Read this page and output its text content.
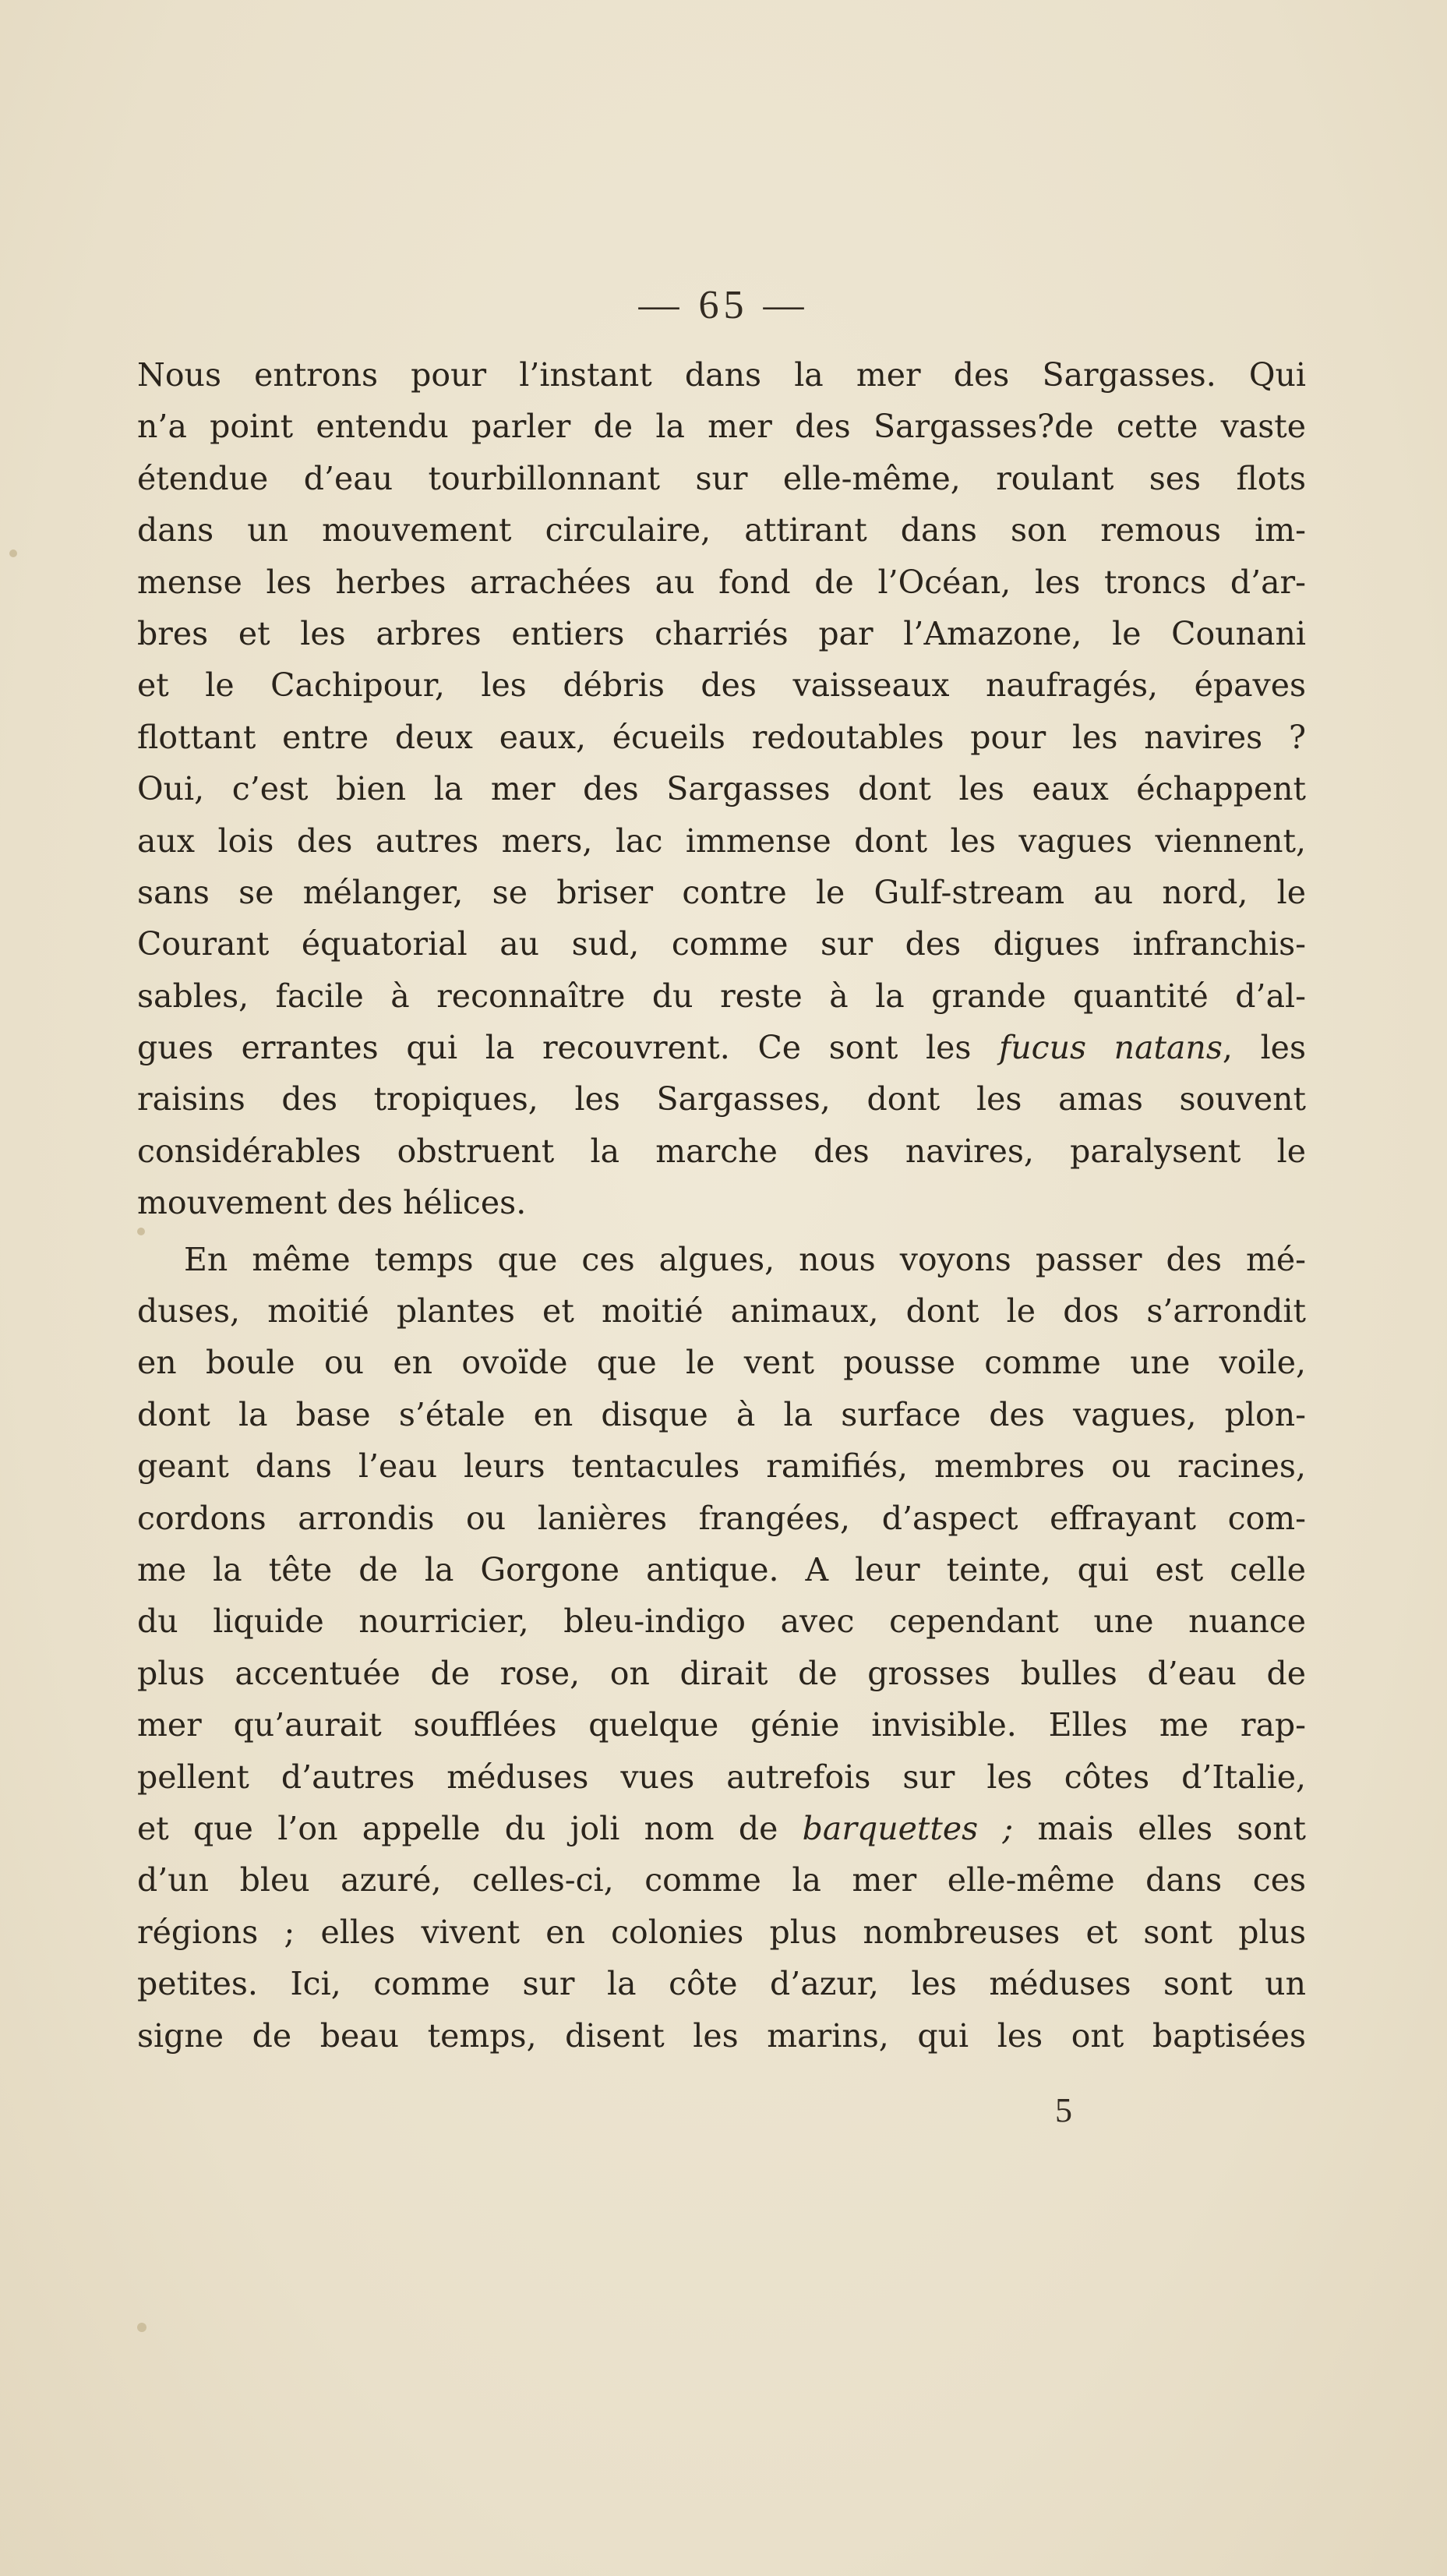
— 65 —
Nous entrons pour l’instant dans la mer des Sargasses. Qui
n’a point entendu parler de la mer des Sargasses?de cette vaste
étendue d’eau tourbillonnant sur elle-même, roulant ses flots
dans un mouvement circulaire, attirant dans son remous im-
mense les herbes arrachées au fond de l’Océan, les troncs d’ar-
bres et les arbres entiers charriés par l’Amazone, le Counani
et le Cachipour, les débris des vaisseaux naufragés, épaves
flottant entre deux eaux, écueils redoutables pour les navires ?
Oui, c’est bien la mer des Sargasses dont les eaux échappent
aux lois des autres mers, lac immense dont les vagues viennent,
sans se mélanger, se briser contre le Gulf-stream au nord, le
Courant équatorial au sud, comme sur des digues infranchis-
sables, facile à reconnaître du reste à la grande quantité d’al-
gues errantes qui la recouvrent. Ce sont les fucus natans, les
raisins des tropiques, les Sargasses, dont les amas souvent
considérables obstruent la marche des navires, paralysent le
mouvement des hélices.
En même temps que ces algues, nous voyons passer des mé-
duses, moitié plantes et moitié animaux, dont le dos s’arrondit
en boule ou en ovoïde que le vent pousse comme une voile,
dont la base s’étale en disque à la surface des vagues, plon-
geant dans l’eau leurs tentacules ramifiés, membres ou racines,
cordons arrondis ou lanières frangées, d’aspect effrayant com-
me la tête de la Gorgone antique. A leur teinte, qui est celle
du liquide nourricier, bleu-indigo avec cependant une nuance
plus accentuée de rose, on dirait de grosses bulles d’eau de
mer qu’aurait soufflées quelque génie invisible. Elles me rap-
pellent d’autres méduses vues autrefois sur les côtes d’Italie,
et que l’on appelle du joli nom de barquettes ; mais elles sont
d’un bleu azuré, celles-ci, comme la mer elle-même dans ces
régions ; elles vivent en colonies plus nombreuses et sont plus
petites. Ici, comme sur la côte d’azur, les méduses sont un
signe de beau temps, disent les marins, qui les ont baptisées
5
